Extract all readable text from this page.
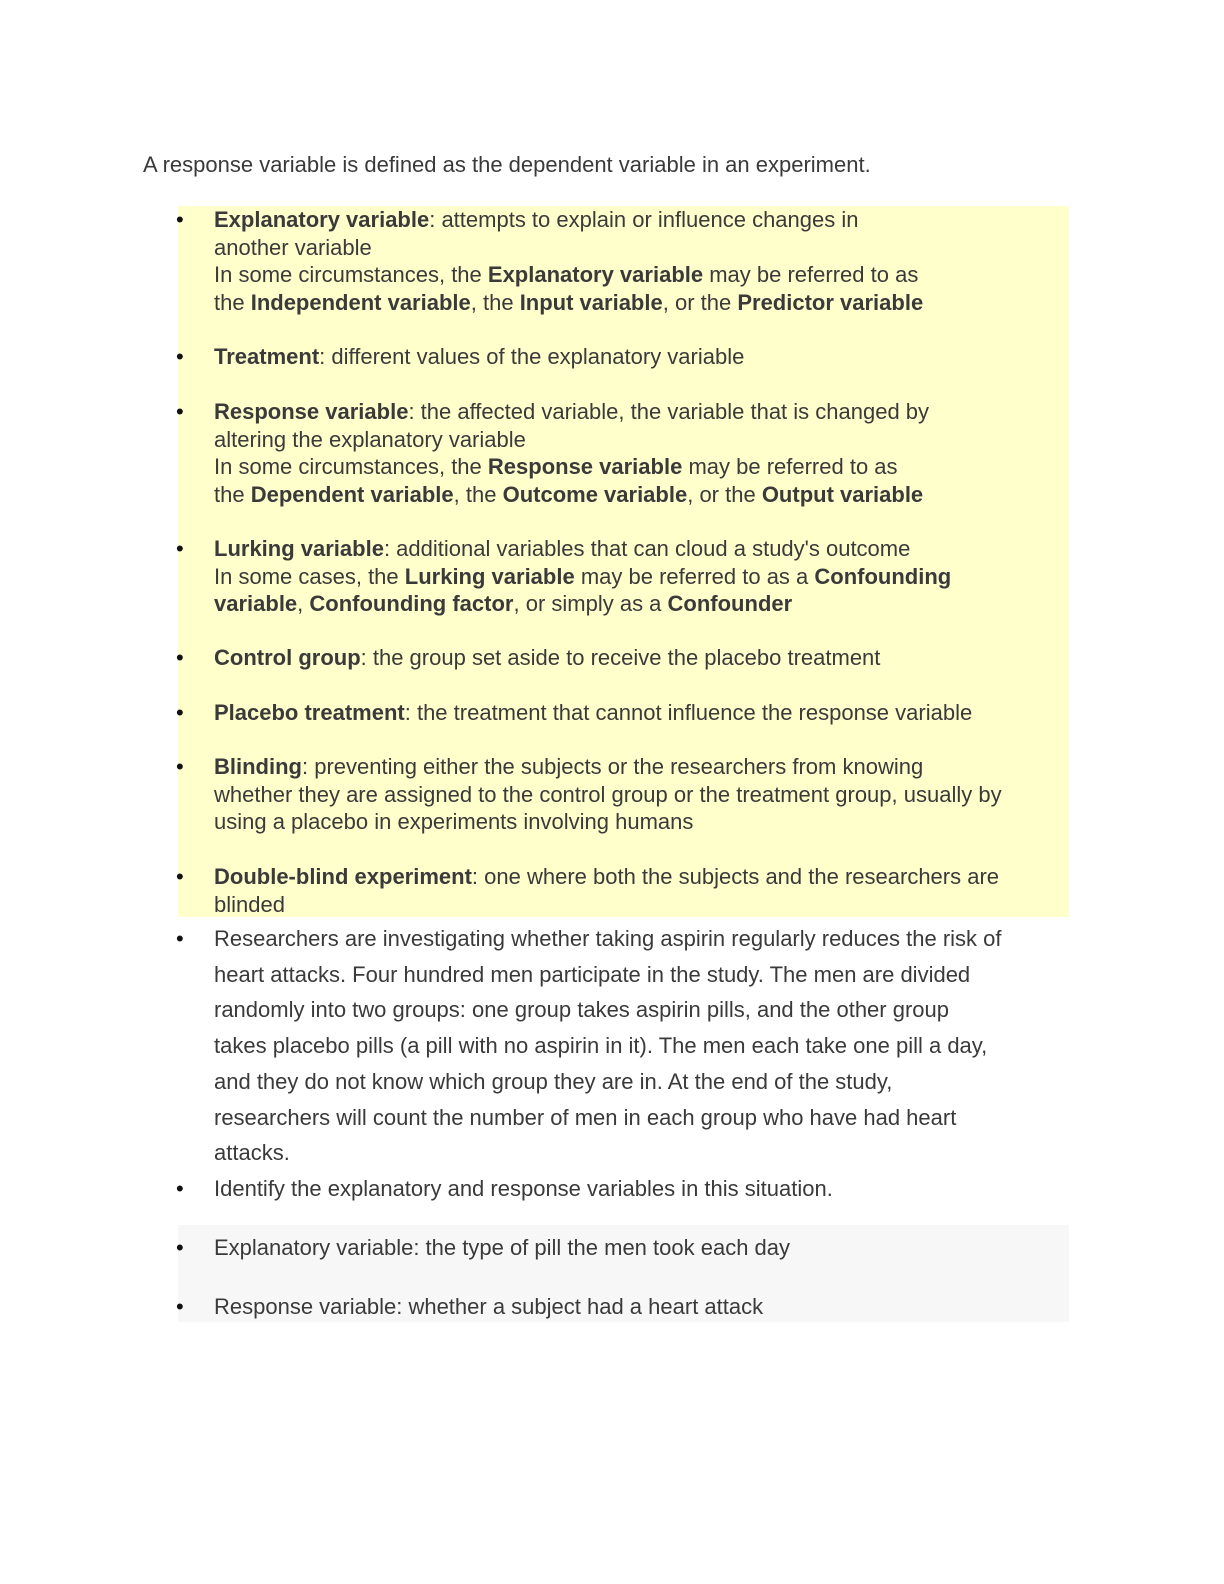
A response variable is defined as the dependent variable in an experiment.

• Explanatory variable: attempts to explain or influence changes in
another variable
In some circumstances, the Explanatory variable may be referred to as
the Independent variable, the Input variable, or the Predictor variable
• Treatment: different values of the explanatory variable
• Response variable: the affected variable, the variable that is changed by
altering the explanatory variable
In some circumstances, the Response variable may be referred to as
the Dependent variable, the Outcome variable, or the Output variable
• Lurking variable: additional variables that can cloud a study's outcome
In some cases, the Lurking variable may be referred to as a Confounding
variable, Confounding factor, or simply as a Confounder
• Control group: the group set aside to receive the placebo treatment
• Placebo treatment: the treatment that cannot influence the response variable
• Blinding: preventing either the subjects or the researchers from knowing
whether they are assigned to the control group or the treatment group, usually by
using a placebo in experiments involving humans
• Double-blind experiment: one where both the subjects and the researchers are
blinded
• Researchers are investigating whether taking aspirin regularly reduces the risk of
heart attacks. Four hundred men participate in the study. The men are divided
randomly into two groups: one group takes aspirin pills, and the other group
takes placebo pills (a pill with no aspirin in it). The men each take one pill a day,
and they do not know which group they are in. At the end of the study,
researchers will count the number of men in each group who have had heart
attacks.
• Identify the explanatory and response variables in this situation.
• Explanatory variable: the type of pill the men took each day
• Response variable: whether a subject had a heart attack
